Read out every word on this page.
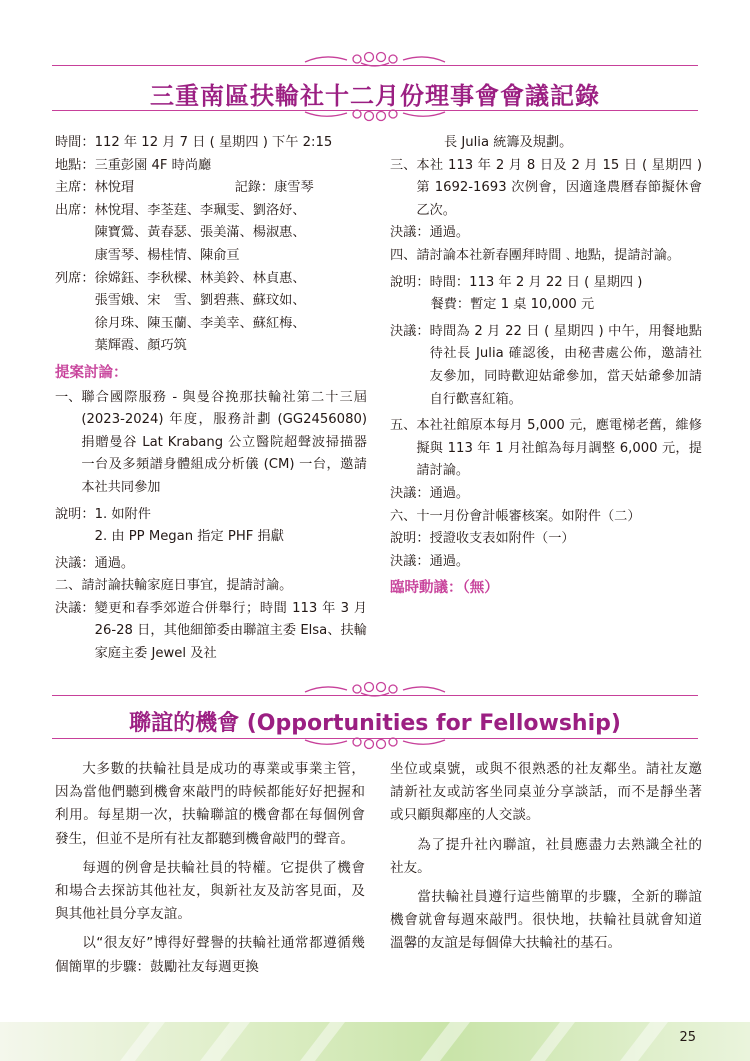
三重南區扶輪社十二月份理事會會議記錄
時間： 112 年 12 月 7 日 ( 星期四 ) 下午 2:15
地點： 三重彭園 4F 時尚廳
主席： 林悅瑁	記錄：康雪琴
出席： 林悅瑁、李荃莛、李珮雯、劉洛妤、
陳寶鶯、黃春瑟、張美滿、楊淑惠、
康雪琴、楊桂情、陳俞亘
列席： 徐嫦鈺、李秋樑、林美鈴、林貞惠、
張雪娥、宋　雪、劉碧燕、蘇玟如、
徐月珠、陳玉蘭、李美幸、蘇紅梅、
葉輝霞、顏巧筑
提案討論：
一、 聯合國際服務 - 與曼谷挽那扶輪社第二十三屆 (2023-2024) 年度，服務計劃 (GG2456080) 捐贈曼谷 Lat Krabang 公立醫院超聲波掃描器一台及多頻譜身體組成分析儀 (CM) 一台，邀請本社共同參加
說明： 1. 如附件
2. 由 PP Megan 指定 PHF 捐獻
決議： 通過。
二、 請討論扶輪家庭日事宜，提請討論。
決議： 變更和春季郊遊合併舉行；時間 113 年 3 月 26-28 日，其他細節委由聯誼主委 Elsa、扶輪家庭主委 Jewel 及社
長 Julia 統籌及規劃。
三、 本社 113 年 2 月 8 日及 2 月 15 日 ( 星期四 ) 第 1692-1693 次例會，因適逢農曆春節擬休會乙次。
決議： 通過。
四、 請討論本社新春團拜時間﹑地點，提請討論。
說明： 時間：113 年 2 月 22 日 ( 星期四 )
餐費：暫定 1 桌 10,000 元
決議： 時間為 2 月 22 日 ( 星期四 ) 中午，用餐地點待社長 Julia 確認後，由秘書處公佈，邀請社友參加，同時歡迎姑爺參加，當天姑爺參加請自行歡喜紅箱。
五、 本社社館原本每月 5,000 元，應電梯老舊，維修擬與 113 年 1 月社館為每月調整 6,000 元，提請討論。
決議： 通過。
六、 十一月份會計帳審核案。如附件（二）
說明： 授證收支表如附件（一）
決議： 通過。
臨時動議：（無）
聯誼的機會 (Opportunities for Fellowship)

大多數的扶輪社員是成功的專業或事業主管，因為當他們聽到機會來敲門的時候都能好好把握和利用。每星期一次，扶輪聯誼的機會都在每個例會發生，但並不是所有社友都聽到機會敲門的聲音。

每週的例會是扶輪社員的特權。它提供了機會和場合去探訪其他社友，與新社友及訪客見面，及與其他社員分享友誼。

以“很友好”博得好聲譽的扶輪社通常都遵循幾個簡單的步驟：鼓勵社友每週更換

坐位或桌號，或與不很熟悉的社友鄰坐。請社友邀請新社友或訪客坐同桌並分享談話，而不是靜坐著或只顧與鄰座的人交談。

為了提升社內聯誼，社員應盡力去熟識全社的社友。

當扶輪社員遵行這些簡單的步驟，全新的聯誼機會就會每週來敲門。很快地，扶輪社員就會知道溫馨的友誼是每個偉大扶輪社的基石。

25
